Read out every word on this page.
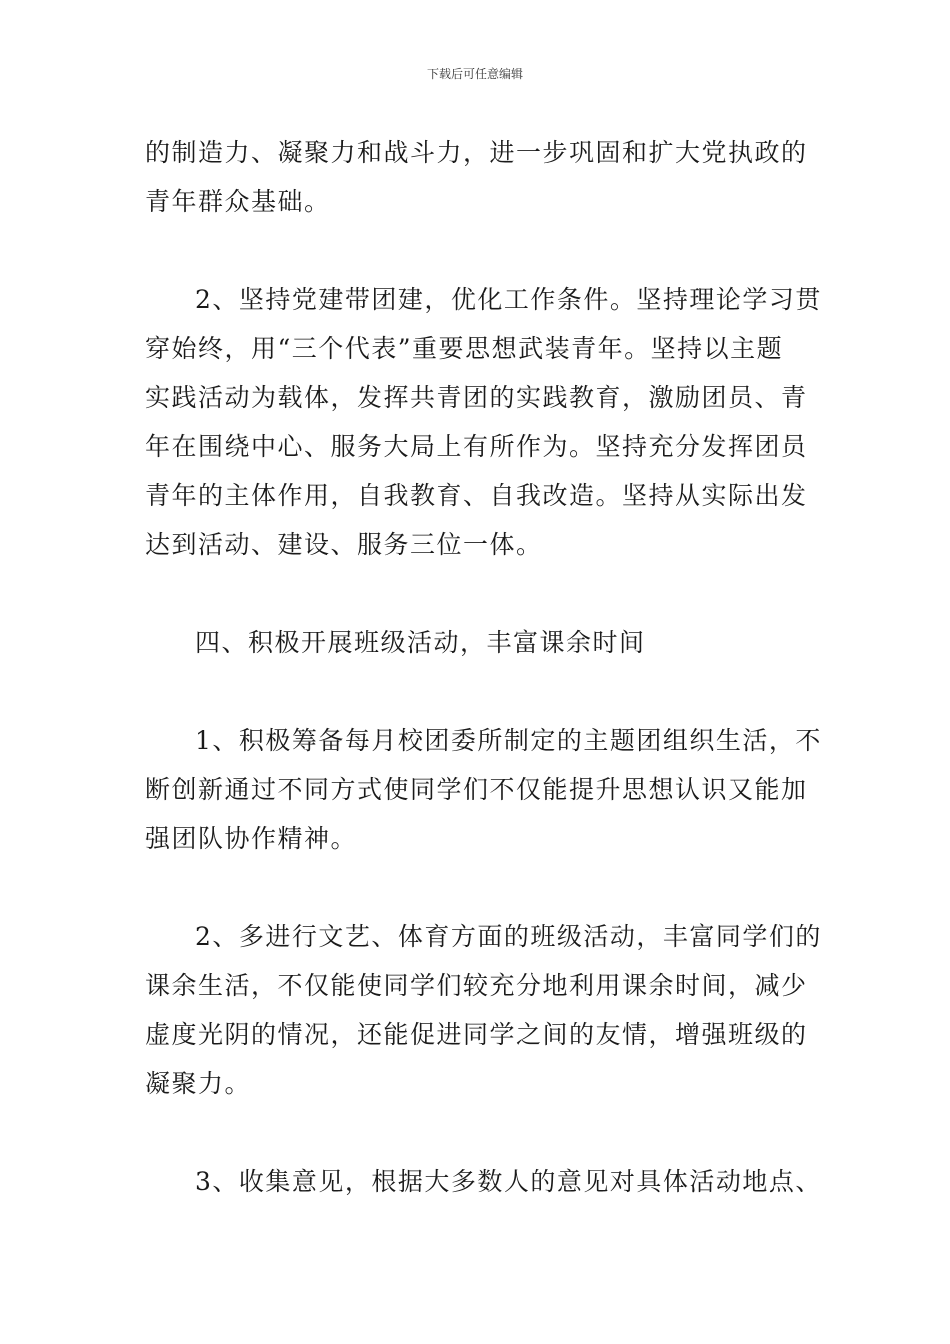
下载后可任意编辑

的制造力、凝聚力和战斗力，进一步巩固和扩大党执政的
青年群众基础。

2、坚持党建带团建，优化工作条件。坚持理论学习贯
穿始终，用“三个代表”重要思想武装青年。坚持以主题
实践活动为载体，发挥共青团的实践教育，激励团员、青
年在围绕中心、服务大局上有所作为。坚持充分发挥团员
青年的主体作用，自我教育、自我改造。坚持从实际出发
达到活动、建设、服务三位一体。

四、积极开展班级活动，丰富课余时间

1、积极筹备每月校团委所制定的主题团组织生活，不
断创新通过不同方式使同学们不仅能提升思想认识又能加
强团队协作精神。

2、多进行文艺、体育方面的班级活动，丰富同学们的
课余生活，不仅能使同学们较充分地利用课余时间，减少
虚度光阴的情况，还能促进同学之间的友情，增强班级的
凝聚力。

3、收集意见，根据大多数人的意见对具体活动地点、
